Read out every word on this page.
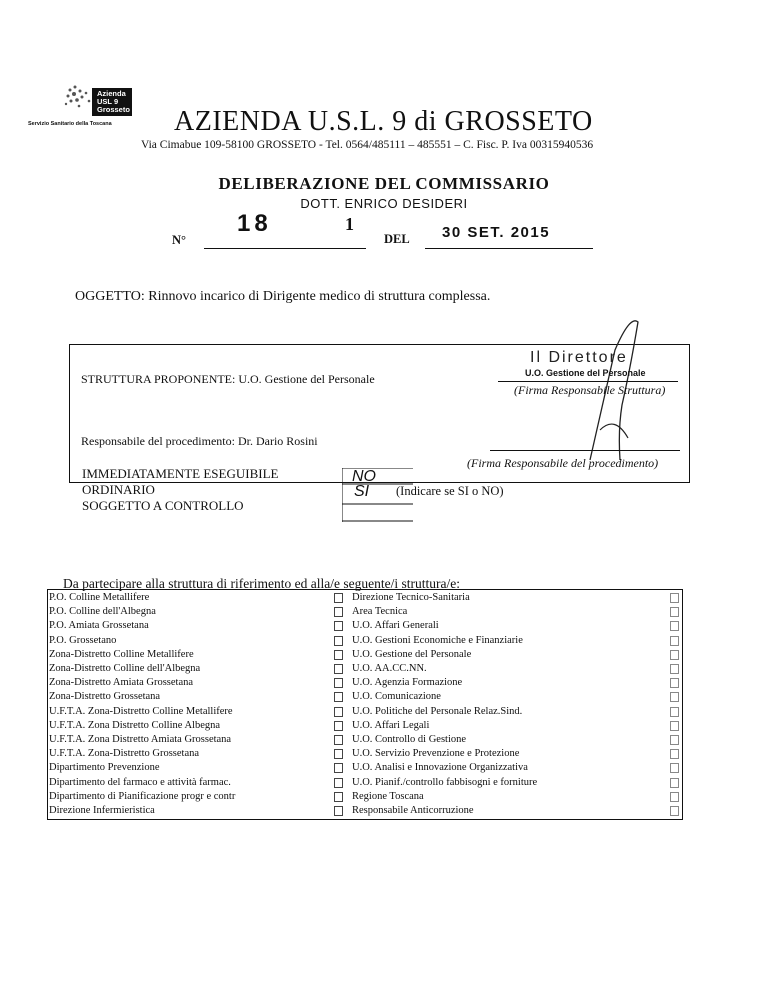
Azienda
USL 9
Grosseto
Servizio Sanitario della Toscana AZIENDA U.S.L. 9 di GROSSETO
Via Cimabue 109-58100 GROSSETO - Tel. 0564/485111 – 485551 – C. Fisc. P. Iva 00315940536
DELIBERAZIONE DEL COMMISSARIO
DOTT. ENRICO DESIDERI
N°
18	1
DEL 30 SET. 2015
OGGETTO: Rinnovo incarico di Dirigente medico di struttura complessa.
STRUTTURA PROPONENTE: U.O. Gestione del Personale
Responsabile del procedimento: Dr. Dario Rosini
Il Direttore
U.O. Gestione del Personale
(Firma Responsabile Struttura)
(Firma Responsabile del procedimento)
IMMEDIATAMENTE ESEGUIBILE
ORDINARIO
SOGGETTO A CONTROLLO
NO
SI (Indicare se SI o NO)
Da partecipare alla struttura di riferimento ed alla/e seguente/i struttura/e:
P.O. Colline Metallifere
P.O. Colline dell'Albegna
P.O. Amiata Grossetana
P.O. Grossetano
Zona-Distretto Colline Metallifere
Zona-Distretto Colline dell'Albegna
Zona-Distretto Amiata Grossetana
Zona-Distretto Grossetana
U.F.T.A. Zona-Distretto Colline Metallifere
U.F.T.A. Zona Distretto Colline Albegna
U.F.T.A. Zona Distretto Amiata Grossetana
U.F.T.A. Zona-Distretto Grossetana
Dipartimento Prevenzione
Dipartimento del farmaco e attività farmac.
Dipartimento di Pianificazione progr e contr
Direzione Infermieristica
Direzione Tecnico-Sanitaria
Area Tecnica
U.O. Affari Generali
U.O. Gestioni Economiche e Finanziarie
U.O. Gestione del Personale
U.O. AA.CC.NN.
U.O. Agenzia Formazione
U.O. Comunicazione
U.O. Politiche del Personale Relaz.Sind.
U.O. Affari Legali
U.O. Controllo di Gestione
U.O. Servizio Prevenzione e Protezione
U.O. Analisi e Innovazione Organizzativa
U.O. Pianif./controllo fabbisogni e forniture
Regione Toscana
Responsabile Anticorruzione
